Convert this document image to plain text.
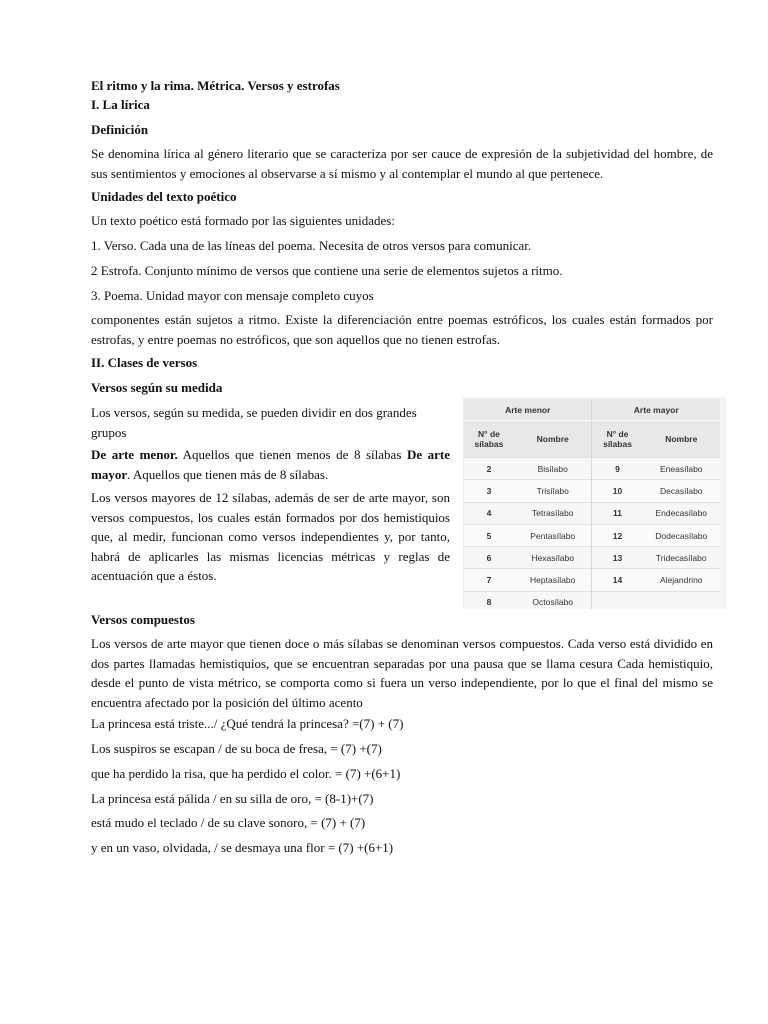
El ritmo y la rima. Métrica. Versos y estrofas

I. La lírica

Definición

Se denomina lírica al género literario que se caracteriza por ser cauce de expresión de la subjetividad del hombre, de sus sentimientos y emociones al observarse a sí mismo y al contemplar el mundo al que pertenece.

Unidades del texto poético

Un texto poético está formado por las siguientes unidades:

1. Verso. Cada una de las líneas del poema. Necesita de otros versos para comunicar.

2 Estrofa. Conjunto mínimo de versos que contiene una serie de elementos sujetos a ritmo.

3. Poema. Unidad mayor con mensaje completo cuyos

componentes están sujetos a ritmo. Existe la diferenciación entre poemas estróficos, los cuales están formados por estrofas, y entre poemas no estróficos, que son aquellos que no tienen estrofas.

II. Clases de versos

Versos según su medida

Los versos, según su medida, se pueden dividir en dos grandes grupos

De arte menor. Aquellos que tienen menos de 8 sílabas De arte mayor. Aquellos que tienen más de 8 sílabas.

Los versos mayores de 12 sílabas, además de ser de arte mayor, son versos compuestos, los cuales están formados por dos hemistiquios que, al medir, funcionan como versos independientes y, por tanto, habrá de aplicarles las mismas licencias métricas y reglas de acentuación que a éstos.

Arte menor		Arte mayor	
N° de sílabas	Nombre	N° de sílabas	Nombre
2	Bisílabo	9	Eneasílabo
3	Trisílabo	10	Decasílabo
4	Tetrasílabo	11	Endecasílabo
5	Pentasílabo	12	Dodecasílabo
6	Hexasílabo	13	Tridecasílabo
7	Heptasílabo	14	Alejandrino
8	Octosílabo		

Versos compuestos

Los versos de arte mayor que tienen doce o más sílabas se denominan versos compuestos. Cada verso está dividido en dos partes llamadas hemistiquios, que se encuentran separadas por una pausa que se llama cesura Cada hemistiquio, desde el punto de vista métrico, se comporta como si fuera un verso independiente, por lo que el final del mismo se encuentra afectado por la posición del último acento

La princesa está triste.../ ¿Qué tendrá la princesa? =(7) + (7)

Los suspiros se escapan / de su boca de fresa, = (7) +(7)

que ha perdido la risa, que ha perdido el color. = (7) +(6+1)

La princesa está pálida / en su silla de oro, = (8-1)+(7)

está mudo el teclado / de su clave sonoro, = (7) + (7)

y en un vaso, olvidada, / se desmaya una flor = (7) +(6+1)
